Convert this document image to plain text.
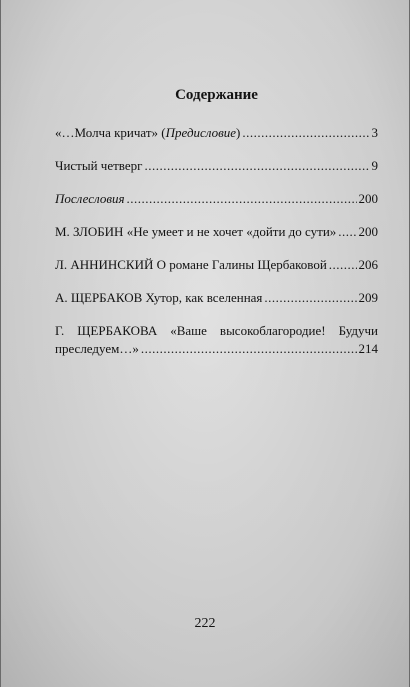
Содержание
«…Молча кричат» (Предисловие) .....	3
Чистый четверг .....	9
Послесловия .....	200
М. ЗЛОБИН «Не умеет и не хочет «дойти до сути» ..... 200
Л. АННИНСКИЙ О романе Галины Щербаковой ..... 206
А. ЩЕРБАКОВ Хутор, как вселенная .....	209
Г. ЩЕРБАКОВА «Ваше высокоблагородие! Будучи
преследуем…» .....	214
222
